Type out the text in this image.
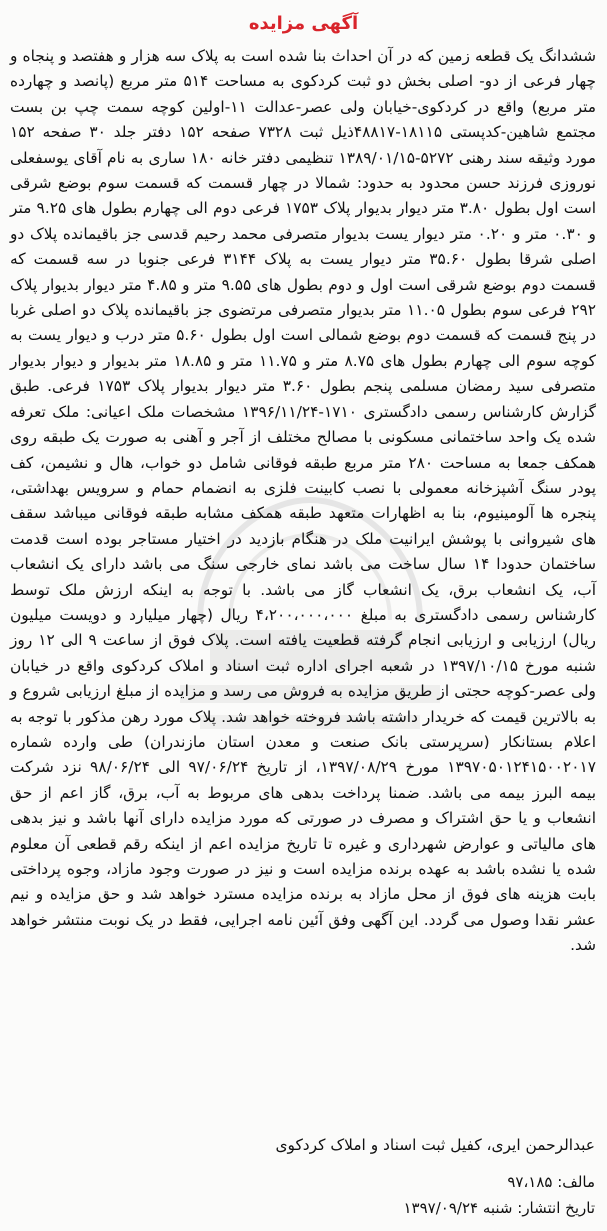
آگهی مزایده

ششدانگ یک قطعه زمین که در آن احداث بنا شده است به پلاک سه هزار و هفتصد و پنجاه و چهار فرعی از دو- اصلی بخش دو ثبت کردکوی به مساحت ۵۱۴ متر مربع (پانصد و چهارده متر مربع) واقع در کردکوی-خیابان ولی عصر-عدالت ۱۱-اولین کوچه سمت چپ بن بست مجتمع شاهین-کدپستی ۱۸۱۱۵-۴۸۸۱۷ذیل ثبت ۷۳۲۸ صفحه ۱۵۲ دفتر جلد ۳۰ صفحه ۱۵۲ مورد وثیقه سند رهنی ۵۲۷۲-۱۳۸۹/۰۱/۱۵ تنظیمی دفتر خانه ۱۸۰ ساری به نام آقای یوسفعلی نوروزی فرزند حسن محدود به حدود: شمالا در چهار قسمت که قسمت سوم بوضع شرقی است اول بطول ۳.۸۰ متر دیوار بدیوار پلاک ۱۷۵۳ فرعی دوم الی چهارم بطول های ۹.۲۵ متر و ۰.۳۰ متر و ۰.۲۰ متر دیوار یست بدیوار متصرفی محمد رحیم قدسی جز باقیمانده پلاک دو اصلی شرقا بطول ۳۵.۶۰ متر دیوار یست به پلاک ۳۱۴۴ فرعی جنوبا در سه قسمت که قسمت دوم بوضع شرقی است اول و دوم بطول های ۹.۵۵ متر و ۴.۸۵ متر دیوار بدیوار پلاک ۲۹۲ فرعی سوم بطول ۱۱.۰۵ متر بدیوار متصرفی مرتضوی جز باقیمانده پلاک دو اصلی غربا در پنج قسمت که قسمت دوم بوضع شمالی است اول بطول ۵.۶۰ متر درب و دیوار یست به کوچه سوم الی چهارم بطول های ۸.۷۵ متر و ۱۱.۷۵ متر و ۱۸.۸۵ متر بدیوار و دیوار بدیوار متصرفی سید رمضان مسلمی پنجم بطول ۳.۶۰ متر دیوار بدیوار پلاک ۱۷۵۳ فرعی. طبق گزارش کارشناس رسمی دادگستری ۱۷۱۰-۱۳۹۶/۱۱/۲۴ مشخصات ملک اعیانی: ملک تعرفه شده یک واحد ساختمانی مسکونی با مصالح مختلف از آجر و آهنی به صورت یک طبقه روی همکف جمعا به مساحت ۲۸۰ متر مربع طبقه فوقانی شامل دو خواب، هال و نشیمن، کف پودر سنگ آشپزخانه معمولی با نصب کابینت فلزی به انضمام حمام و سرویس بهداشتی، پنجره ها آلومینیوم، بنا به اظهارات متعهد طبقه همکف مشابه طبقه فوقانی میباشد سقف های شیروانی با پوشش ایرانیت ملک در هنگام بازدید در اختیار مستاجر بوده است قدمت ساختمان حدودا ۱۴ سال ساخت می باشد نمای خارجی سنگ می باشد دارای یک انشعاب آب، یک انشعاب برق، یک انشعاب گاز می باشد. با توجه به اینکه ارزش ملک توسط کارشناس رسمی دادگستری به مبلغ ۴،۲۰۰،۰۰۰،۰۰۰ ریال (چهار میلیارد و دویست میلیون ریال) ارزیابی و ارزیابی انجام گرفته قطعیت یافته است. پلاک فوق از ساعت ۹ الی ۱۲ روز شنبه مورخ ۱۳۹۷/۱۰/۱۵ در شعبه اجرای اداره ثبت اسناد و املاک کردکوی واقع در خیابان ولی عصر-کوچه حجتی از طریق مزایده به فروش می رسد و مزایده از مبلغ ارزیابی شروع و به بالاترین قیمت که خریدار داشته باشد فروخته خواهد شد. پلاک مورد رهن مذکور با توجه به اعلام بستانکار (سرپرستی بانک صنعت و معدن استان مازندران) طی وارده شماره ۱۳۹۷۰۵۰۱۲۴۱۵۰۰۲۰۱۷ مورخ ۱۳۹۷/۰۸/۲۹، از تاریخ ۹۷/۰۶/۲۴ الی ۹۸/۰۶/۲۴ نزد شرکت بیمه البرز بیمه می باشد. ضمنا پرداخت بدهی های مربوط به آب، برق، گاز اعم از حق انشعاب و یا حق اشتراک و مصرف در صورتی که مورد مزایده دارای آنها باشد و نیز بدهی های مالیاتی و عوارض شهرداری و غیره تا تاریخ مزایده اعم از اینکه رقم قطعی آن معلوم شده یا نشده باشد به عهده برنده مزایده است و نیز در صورت وجود مازاد، وجوه پرداختی بابت هزینه های فوق از محل مازاد به برنده مزایده مسترد خواهد شد و حق مزایده و نیم عشر نقدا وصول می گردد. این آگهی وفق آئین نامه اجرایی، فقط در یک نوبت منتشر خواهد شد.

عبدالرحمن ایری، کفیل ثبت اسناد و املاک کردکوی
مالف: ۹۷،۱۸۵
تاریخ انتشار: شنبه ۱۳۹۷/۰۹/۲۴
